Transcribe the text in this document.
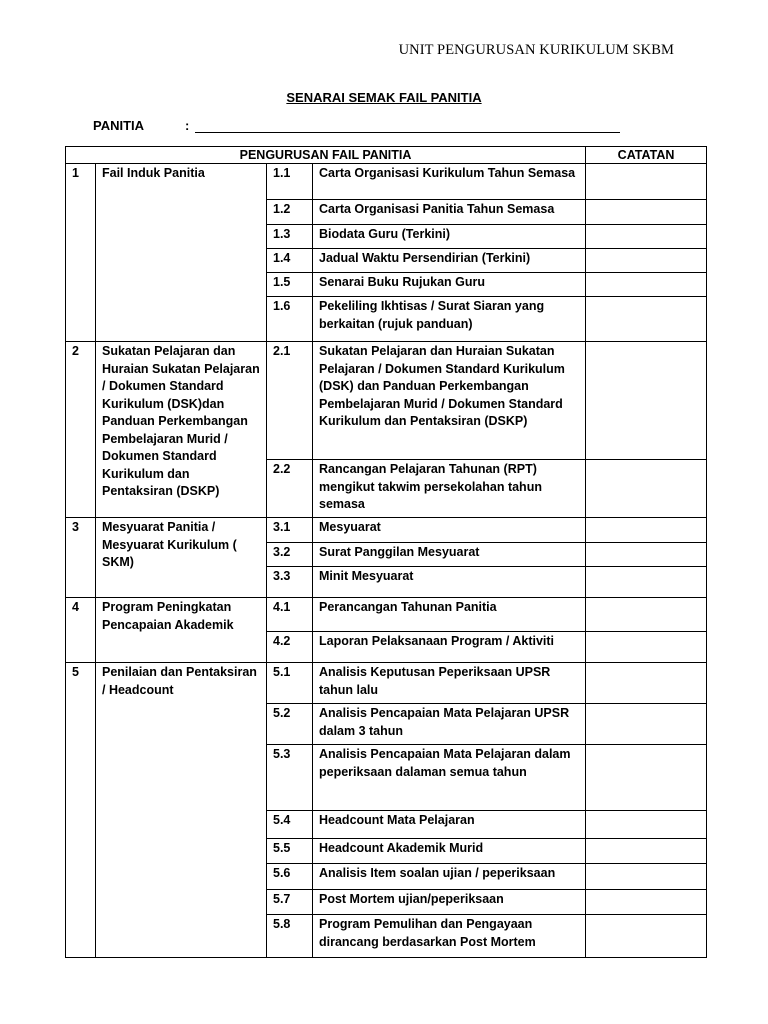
UNIT PENGURUSAN KURIKULUM SKBM
SENARAI SEMAK FAIL PANITIA
PANITIA	:
PENGURUSAN FAIL PANITIA				CATATAN
1	Fail Induk Panitia	1.1	Carta Organisasi Kurikulum Tahun Semasa	
		1.2	Carta Organisasi Panitia Tahun Semasa	
		1.3	Biodata Guru (Terkini)	
		1.4	Jadual Waktu Persendirian (Terkini)	
		1.5	Senarai Buku Rujukan Guru	
		1.6	Pekeliling Ikhtisas / Surat Siaran yang berkaitan (rujuk panduan)	
2	Sukatan Pelajaran dan Huraian Sukatan Pelajaran / Dokumen Standard Kurikulum (DSK)dan Panduan Perkembangan Pembelajaran Murid / Dokumen Standard Kurikulum dan Pentaksiran (DSKP)	2.1	Sukatan Pelajaran dan Huraian Sukatan Pelajaran / Dokumen Standard Kurikulum (DSK) dan Panduan Perkembangan Pembelajaran Murid / Dokumen Standard Kurikulum dan Pentaksiran (DSKP)	
		2.2	Rancangan Pelajaran Tahunan (RPT) mengikut takwim persekolahan tahun semasa	
3	Mesyuarat Panitia / Mesyuarat Kurikulum ( SKM)	3.1	Mesyuarat	
		3.2	Surat Panggilan Mesyuarat	
		3.3	Minit Mesyuarat	
4	Program Peningkatan Pencapaian Akademik	4.1	Perancangan Tahunan Panitia	
		4.2	Laporan Pelaksanaan Program / Aktiviti	
5	Penilaian dan Pentaksiran / Headcount	5.1	Analisis Keputusan Peperiksaan UPSR tahun lalu	
		5.2	Analisis Pencapaian Mata Pelajaran UPSR dalam 3 tahun	
		5.3	Analisis Pencapaian Mata Pelajaran dalam peperiksaan dalaman semua tahun	
		5.4	Headcount Mata Pelajaran	
		5.5	Headcount Akademik Murid	
		5.6	Analisis Item soalan ujian / peperiksaan	
		5.7	Post Mortem ujian/peperiksaan	
		5.8	Program Pemulihan dan Pengayaan dirancang berdasarkan Post Mortem	
